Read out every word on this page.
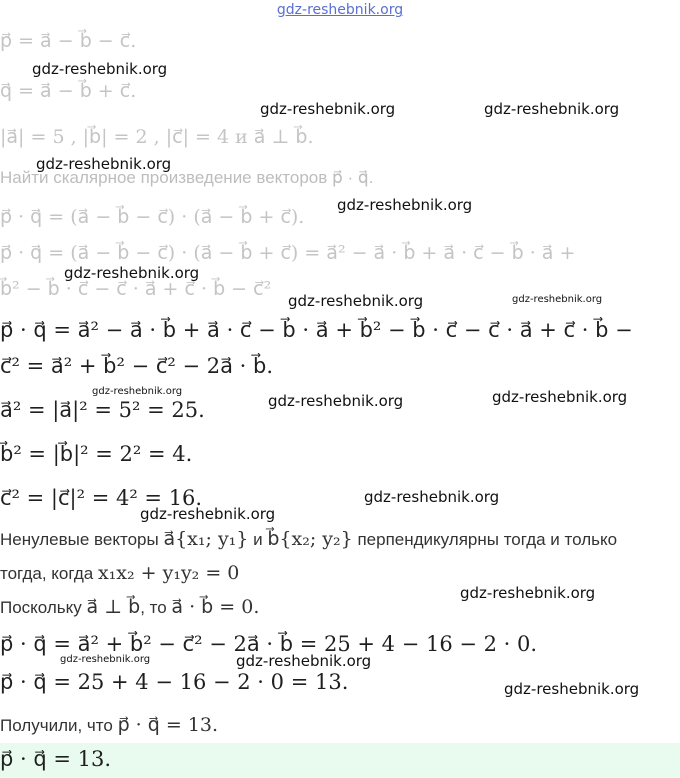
gdz-reshebnik.org
p⃗ = a⃗ − b⃗ − c⃗.
q⃗ = a⃗ − b⃗ + c⃗.
|a⃗| = 5 , |b⃗| = 2 , |c⃗| = 4 и a⃗ ⊥ b⃗.
Найти скалярное произведение векторов p⃗ · q⃗.
p⃗ · q⃗ = (a⃗ − b⃗ − c⃗) · (a⃗ − b⃗ + c⃗).
p⃗ · q⃗ = (a⃗ − b⃗ − c⃗) · (a⃗ − b⃗ + c⃗) = a⃗² − a⃗ · b⃗ + a⃗ · c⃗ − b⃗ · a⃗ +
b⃗² − b⃗ · c⃗ − c⃗ · a⃗ + c⃗ · b⃗ − c⃗²
p⃗ · q⃗ = a⃗² − a⃗ · b⃗ + a⃗ · c⃗ − b⃗ · a⃗ + b⃗² − b⃗ · c⃗ − c⃗ · a⃗ + c⃗ · b⃗ −
c⃗² = a⃗² + b⃗² − c⃗² − 2a⃗ · b⃗.
a⃗² = |a⃗|² = 5² = 25.
b⃗² = |b⃗|² = 2² = 4.
c⃗² = |c⃗|² = 4² = 16.
Ненулевые векторы a⃗{x₁; y₁} и b⃗{x₂; y₂} перпендикулярны тогда и только
тогда, когда x₁x₂ + y₁y₂ = 0
Поскольку a⃗ ⊥ b⃗, то a⃗ · b⃗ = 0.
p⃗ · q⃗ = a⃗² + b⃗² − c⃗² − 2a⃗ · b⃗ = 25 + 4 − 16 − 2 · 0.
p⃗ · q⃗ = 25 + 4 − 16 − 2 · 0 = 13.
Получили, что p⃗ · q⃗ = 13.
p⃗ · q⃗ = 13.
gdz-reshebnik.org
gdz-reshebnik.org	gdz-reshebnik.org
gdz-reshebnik.org
gdz-reshebnik.org
gdz-reshebnik.org
gdz-reshebnik.org	gdz-reshebnik.org
gdz-reshebnik.org
gdz-reshebnik.org	gdz-reshebnik.org
gdz-reshebnik.org
gdz-reshebnik.org
gdz-reshebnik.org
gdz-reshebnik.org	gdz-reshebnik.org
gdz-reshebnik.org
